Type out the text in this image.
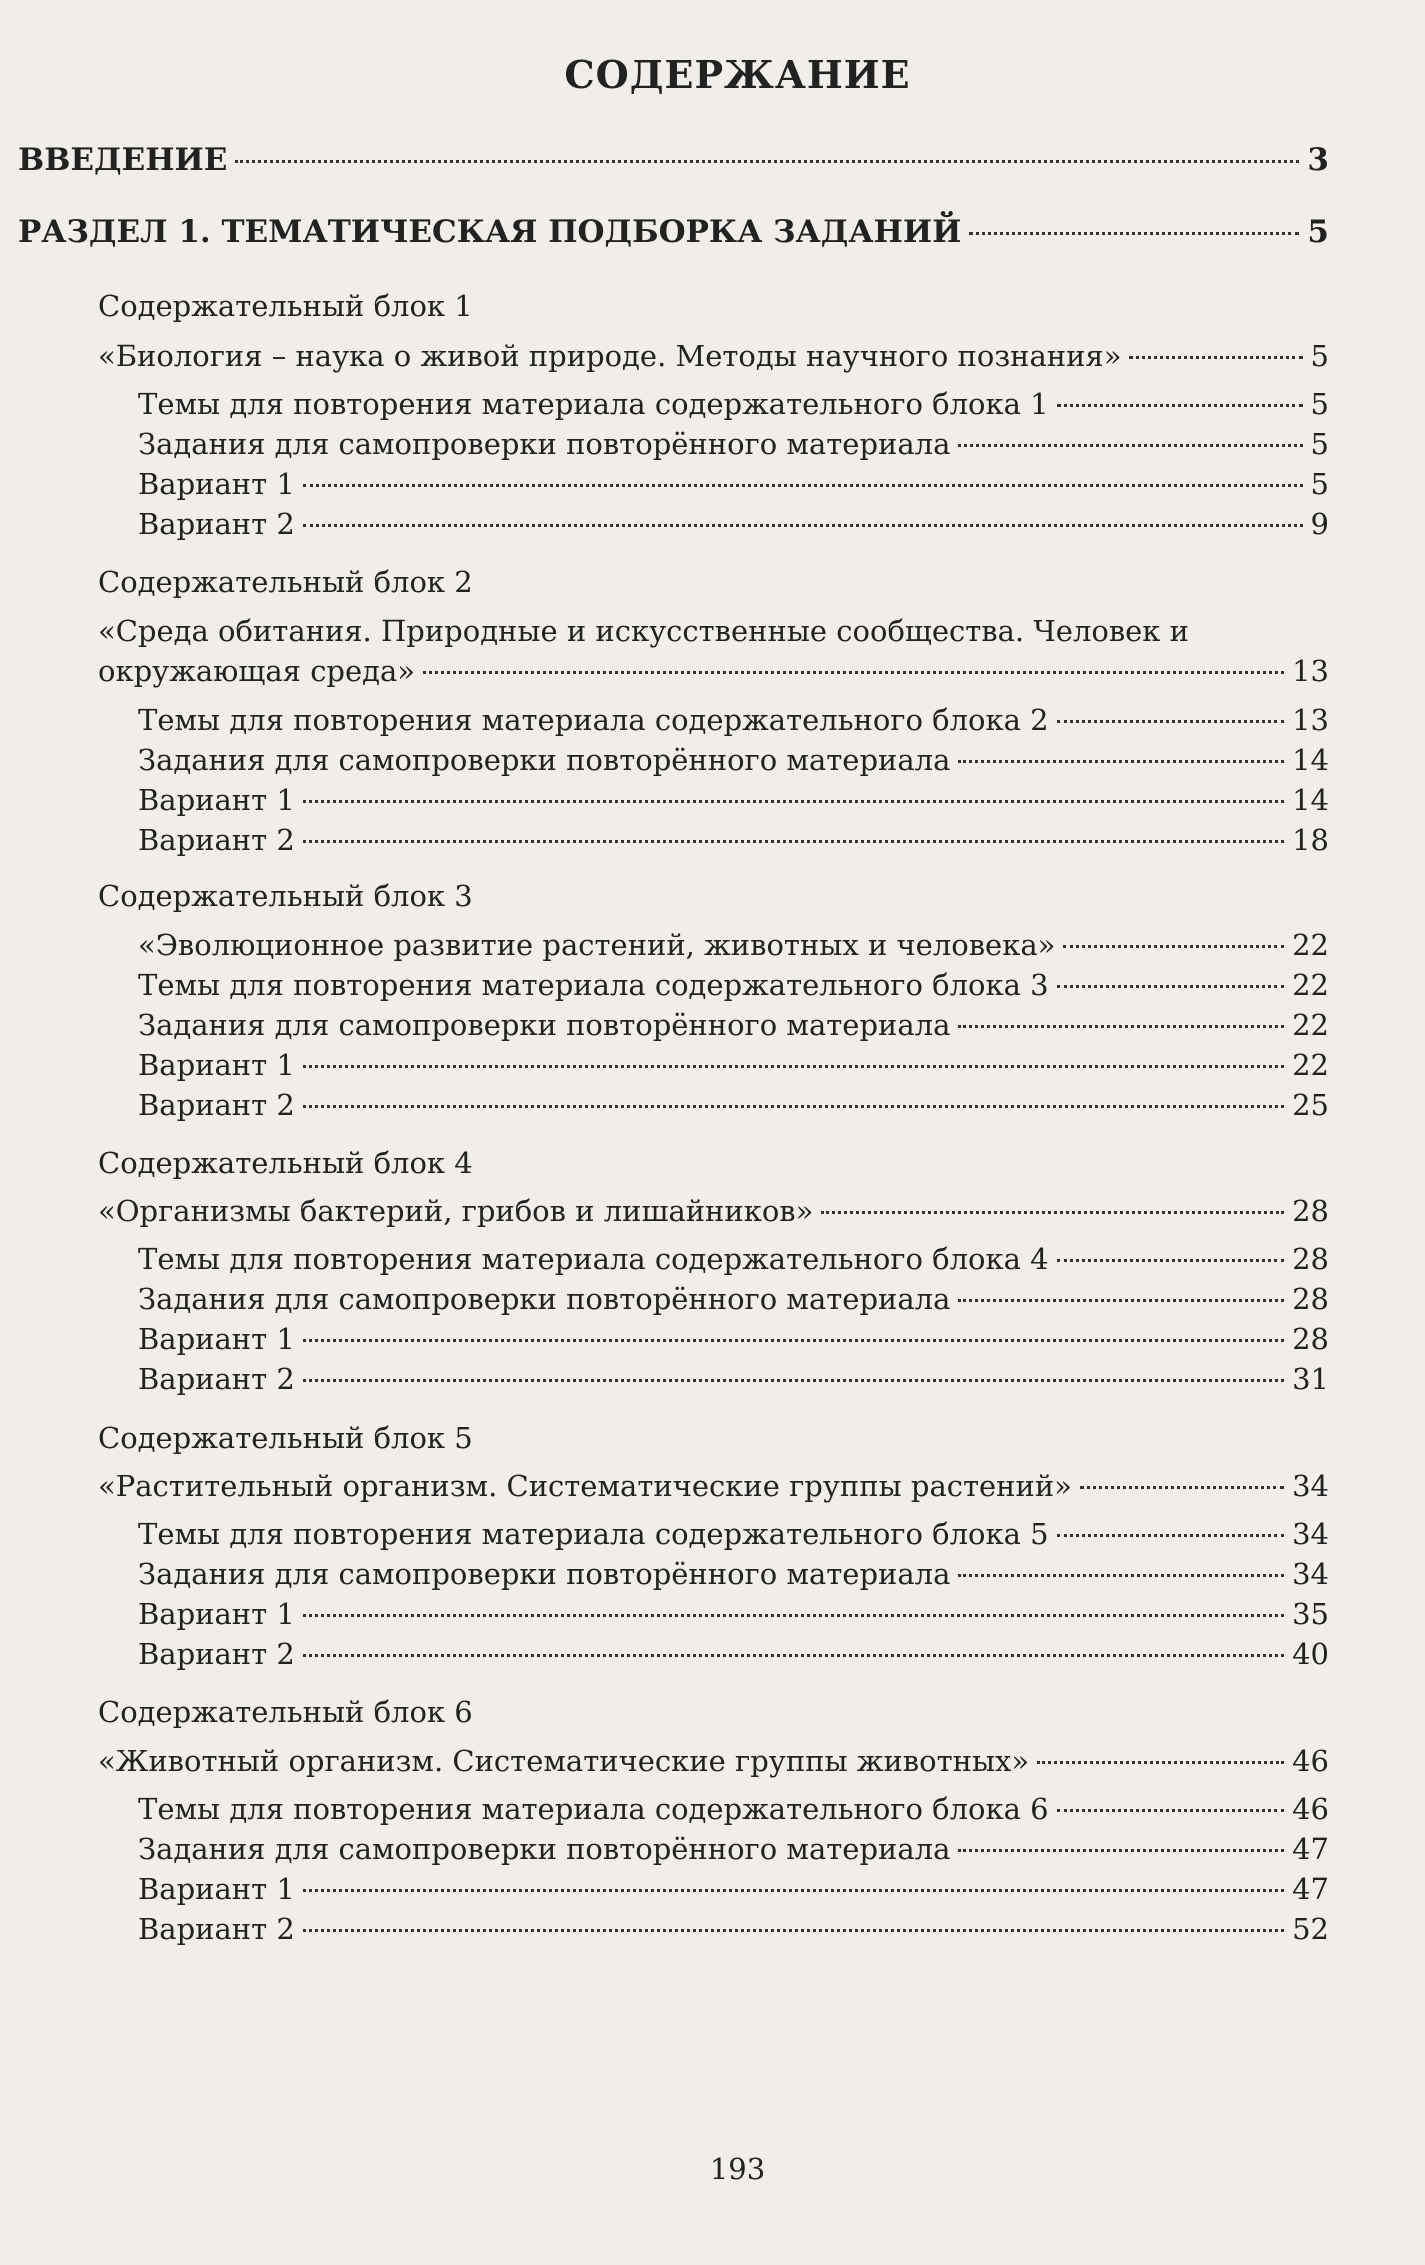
СОДЕРЖАНИЕ
ВВЕДЕНИЕ	3
РАЗДЕЛ 1. ТЕМАТИЧЕСКАЯ ПОДБОРКА ЗАДАНИЙ	5
Содержательный блок 1
«Биология – наука о живой природе. Методы научного познания»	5
Темы для повторения материала содержательного блока 1	5
Задания для самопроверки повторённого материала	5
Вариант 1	5
Вариант 2	9
Содержательный блок 2
«Среда обитания. Природные и искусственные сообщества. Человек и
окружающая среда»	13
Темы для повторения материала содержательного блока 2	13
Задания для самопроверки повторённого материала	14
Вариант 1	14
Вариант 2	18
Содержательный блок 3
«Эволюционное развитие растений, животных и человека»	22
Темы для повторения материала содержательного блока 3	22
Задания для самопроверки повторённого материала	22
Вариант 1	22
Вариант 2	25
Содержательный блок 4
«Организмы бактерий, грибов и лишайников»	28
Темы для повторения материала содержательного блока 4	28
Задания для самопроверки повторённого материала	28
Вариант 1	28
Вариант 2	31
Содержательный блок 5
«Растительный организм. Систематические группы растений»	34
Темы для повторения материала содержательного блока 5	34
Задания для самопроверки повторённого материала	34
Вариант 1	35
Вариант 2	40
Содержательный блок 6
«Животный организм. Систематические группы животных»	46
Темы для повторения материала содержательного блока 6	46
Задания для самопроверки повторённого материала	47
Вариант 1	47
Вариант 2	52
193
